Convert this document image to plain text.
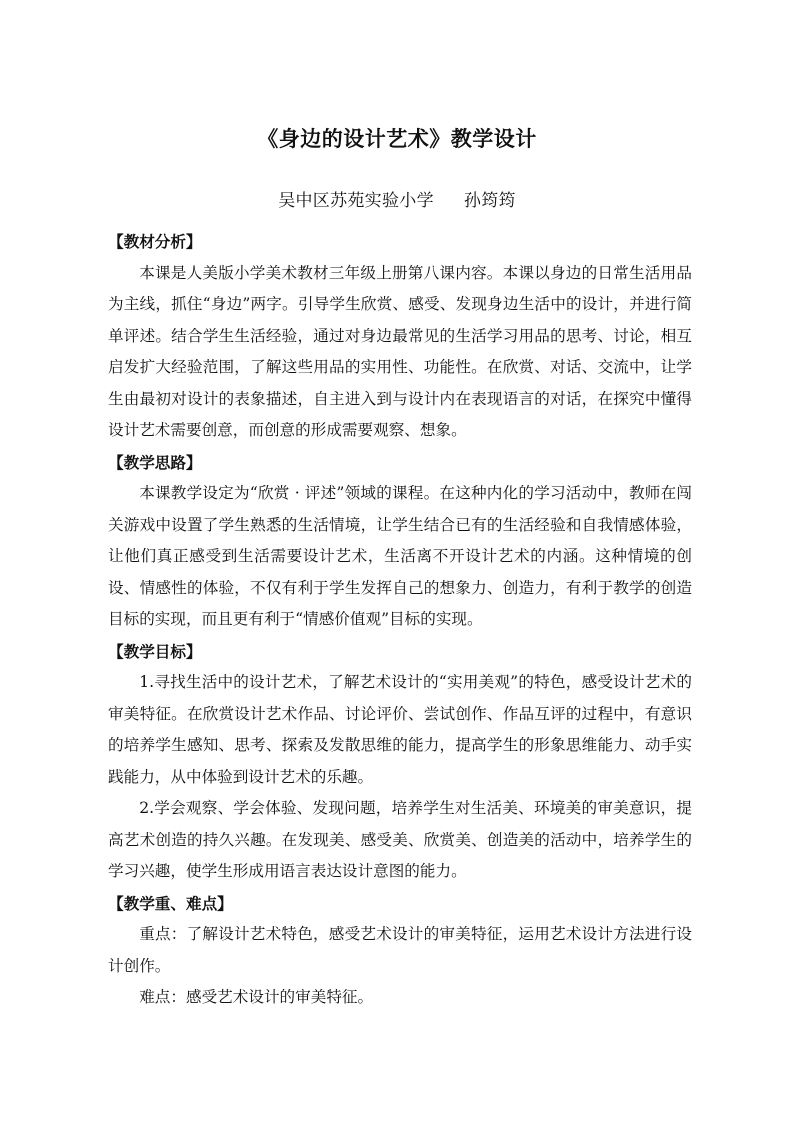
《身边的设计艺术》教学设计
吴中区苏苑实验小学 孙筠筠

【教材分析】

本课是人美版小学美术教材三年级上册第八课内容。本课以身边的日常生活用品为主线，抓住“身边”两字。引导学生欣赏、感受、发现身边生活中的设计，并进行简单评述。结合学生生活经验，通过对身边最常见的生活学习用品的思考、讨论，相互启发扩大经验范围，了解这些用品的实用性、功能性。在欣赏、对话、交流中，让学生由最初对设计的表象描述，自主进入到与设计内在表现语言的对话，在探究中懂得设计艺术需要创意，而创意的形成需要观察、想象。

【教学思路】

本课教学设定为“欣赏 · 评述”领域的课程。在这种内化的学习活动中，教师在闯关游戏中设置了学生熟悉的生活情境，让学生结合已有的生活经验和自我情感体验，让他们真正感受到生活需要设计艺术，生活离不开设计艺术的内涵。这种情境的创设、情感性的体验，不仅有利于学生发挥自己的想象力、创造力，有利于教学的创造目标的实现，而且更有利于“情感价值观”目标的实现。

【教学目标】

1.寻找生活中的设计艺术，了解艺术设计的“实用美观”的特色，感受设计艺术的审美特征。在欣赏设计艺术作品、讨论评价、尝试创作、作品互评的过程中，有意识的培养学生感知、思考、探索及发散思维的能力，提高学生的形象思维能力、动手实践能力，从中体验到设计艺术的乐趣。

2.学会观察、学会体验、发现问题，培养学生对生活美、环境美的审美意识，提高艺术创造的持久兴趣。在发现美、感受美、欣赏美、创造美的活动中，培养学生的学习兴趣，使学生形成用语言表达设计意图的能力。

【教学重、难点】

重点：了解设计艺术特色，感受艺术设计的审美特征，运用艺术设计方法进行设计创作。

难点：感受艺术设计的审美特征。
